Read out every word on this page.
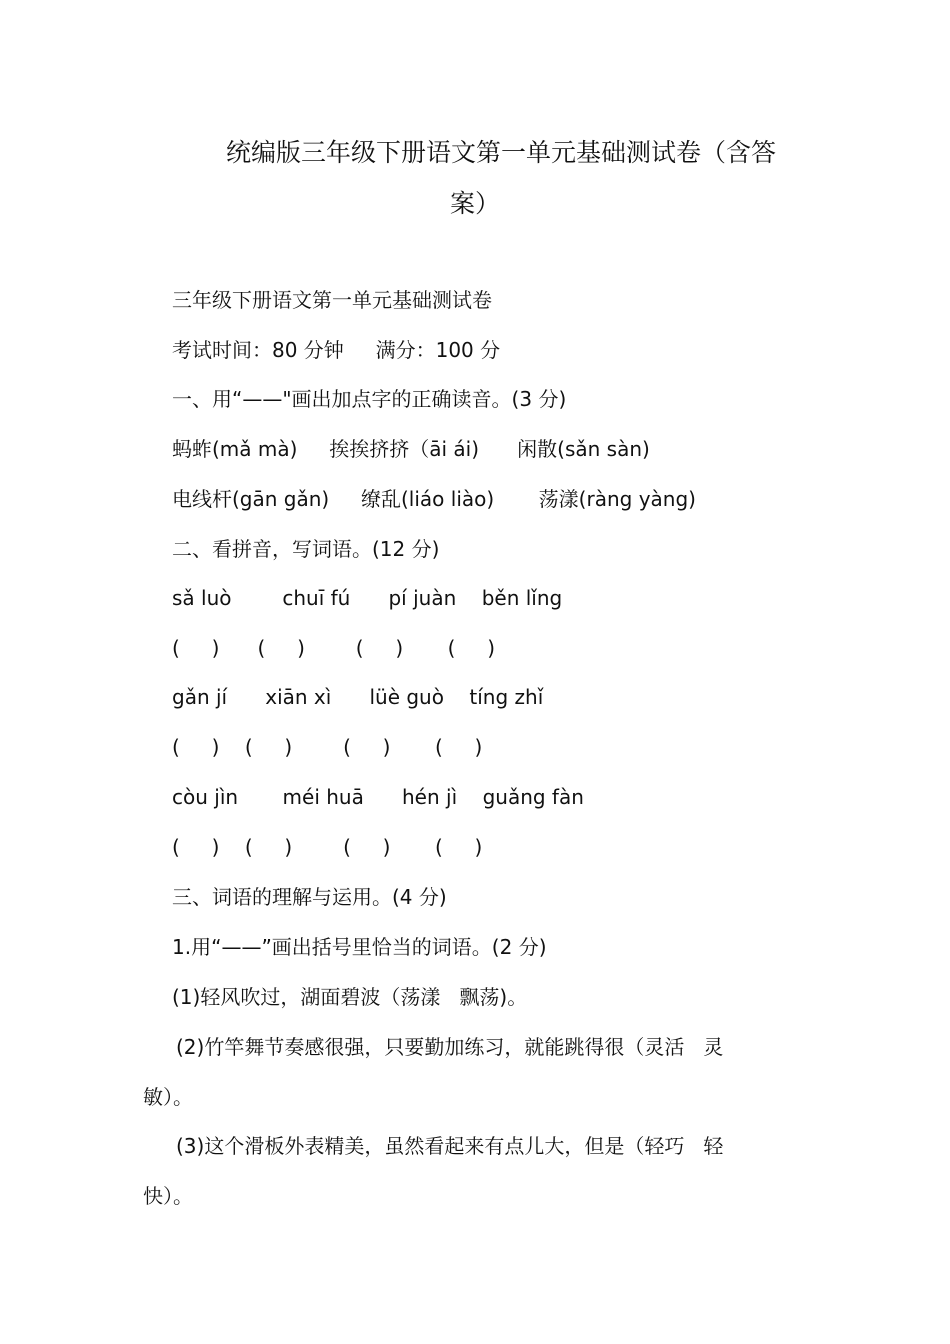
统编版三年级下册语文第一单元基础测试卷（含答
案）
三年级下册语文第一单元基础测试卷
考试时间：80 分钟     满分：100 分
一、用“——"画出加点字的正确读音。(3 分)
蚂蚱(mǎ mà)     挨挨挤挤（āi ái)      闲散(sǎn sàn)
电线杆(gān gǎn)     缭乱(liáo liào)       荡漾(ràng yàng)
二、看拼音，写词语。(12 分)
sǎ luò        chuī fú      pí juàn    běn lǐng
(     )      (     )        (     )       (     )
gǎn jí      xiān xì      lüè guò    tíng zhǐ
(     )    (     )        (     )       (     )
còu jìn       méi huā      hén jì    guǎng fàn
(     )    (     )        (     )       (     )
三、词语的理解与运用。(4 分)
1.用“——”画出括号里恰当的词语。(2 分)
(1)轻风吹过，湖面碧波（荡漾   飘荡)。
(2)竹竿舞节奏感很强，只要勤加练习，就能跳得很（灵活   灵
敏）。
(3)这个滑板外表精美，虽然看起来有点儿大，但是（轻巧   轻
快）。
